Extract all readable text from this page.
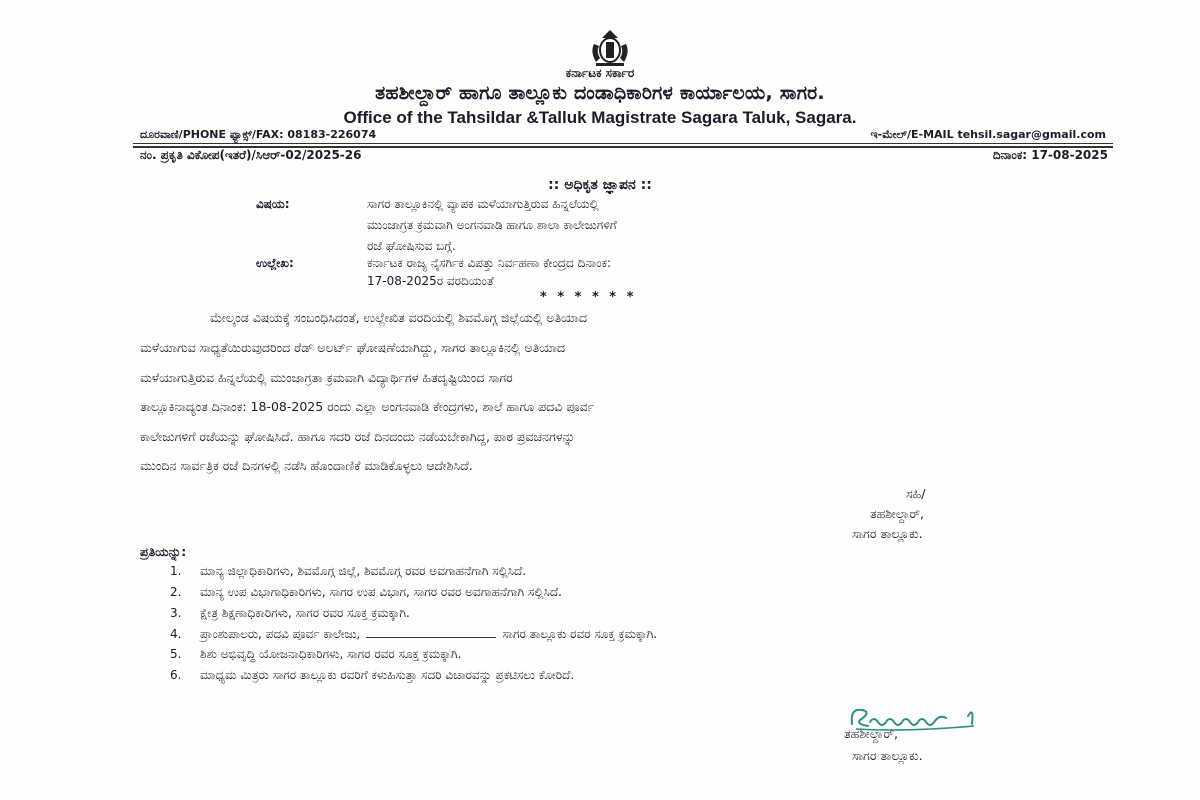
ಕರ್ನಾಟಕ ಸರ್ಕಾರ
ತಹಶೀಲ್ದಾರ್ ಹಾಗೂ ತಾಲ್ಲೂಕು ದಂಡಾಧಿಕಾರಿಗಳ ಕಾರ್ಯಾಲಯ, ಸಾಗರ.
Office of the Tahsildar &Talluk Magistrate Sagara Taluk, Sagara.
ದೂರವಾಣಿ/PHONE ಫ್ಯಾಕ್ಸ್/FAX: 08183-226074	ಇ-ಮೇಲ್/E-MAIL tehsil.sagar@gmail.com
ನಂ. ಪ್ರಕೃತಿ ವಿಕೋಪ(ಇತರೆ)/ಸಿಆರ್-02/2025-26	ದಿನಾಂಕ: 17-08-2025
:: ಅಧಿಕೃತ ಜ್ಞಾಪನ ::
ವಿಷಯ:	ಸಾಗರ ತಾಲ್ಲೂಕಿನಲ್ಲಿ ವ್ಯಾಪಕ ಮಳೆಯಾಗುತ್ತಿರುವ ಹಿನ್ನಲೆಯಲ್ಲಿ
ಮುಂಜಾಗ್ರತ ಕ್ರಮವಾಗಿ ಅಂಗನವಾಡಿ ಹಾಗೂ ಶಾಲಾ ಕಾಲೇಜುಗಳಿಗೆ
ರಜೆ ಘೋಷಿಸುವ ಬಗ್ಗೆ.
ಉಲ್ಲೇಖ:	ಕರ್ನಾಟಕ ರಾಜ್ಯ ನೈಸರ್ಗಿಕ ವಿಪತ್ತು ನಿರ್ವಹಣಾ ಕೇಂದ್ರದ ದಿನಾಂಕ:
17-08-2025ರ ವರದಿಯಂತೆ
* * * * * *
ಮೇಲ್ಕಂಡ ವಿಷಯಕ್ಕೆ ಸಂಬಂಧಿಸಿದಂತೆ, ಉಲ್ಲೇಖಿತ ವರದಿಯಲ್ಲಿ ಶಿವಮೊಗ್ಗ ಜಿಲ್ಲೆಯಲ್ಲಿ ಅತಿಯಾದ
ಮಳೆಯಾಗುವ ಸಾಧ್ಯತೆಯಿರುವುದರಿಂದ ರೆಡ್ ಅಲರ್ಟ್ ಘೋಷಣೆಯಾಗಿದ್ದು, ಸಾಗರ ತಾಲ್ಲೂಕಿನಲ್ಲಿ ಅತಿಯಾದ
ಮಳೆಯಾಗುತ್ತಿರುವ ಹಿನ್ನಲೆಯಲ್ಲಿ ಮುಂಜಾಗ್ರತಾ ಕ್ರಮವಾಗಿ ವಿದ್ಯಾರ್ಥಿಗಳ ಹಿತದೃಷ್ಟಿಯಿಂದ ಸಾಗರ
ತಾಲ್ಲೂಕಿನಾದ್ಯಂತ ದಿನಾಂಕ: 18-08-2025 ರಂದು ಎಲ್ಲಾ ಅಂಗನವಾಡಿ ಕೇಂದ್ರಗಳು, ಶಾಲೆ ಹಾಗೂ ಪದವಿ ಪೂರ್ವ
ಕಾಲೇಜುಗಳಿಗೆ ರಜೆಯನ್ನು ಘೋಷಿಸಿದೆ. ಹಾಗೂ ಸದರಿ ರಜೆ ದಿನದಂದು ನಡೆಯಬೇಕಾಗಿದ್ದ, ಪಾಠ ಪ್ರವಚನಗಳನ್ನು
ಮುಂದಿನ ಸಾರ್ವತ್ರಿಕ ರಜೆ ದಿನಗಳಲ್ಲಿ ನಡೆಸಿ ಹೊಂದಾಣಿಕೆ ಮಾಡಿಕೊಳ್ಳಲು ಆದೇಶಿಸಿದೆ.
ಸಹಿ/
ತಹಶೀಲ್ದಾರ್,
ಸಾಗರ ತಾಲ್ಲೂಕು.
ಪ್ರತಿಯನ್ನು:
1. ಮಾನ್ಯ ಜಿಲ್ಲಾಧಿಕಾರಿಗಳು, ಶಿವಮೊಗ್ಗ ಜಿಲ್ಲೆ, ಶಿವಮೊಗ್ಗ ರವರ ಅವಗಾಹನೆಗಾಗಿ ಸಲ್ಲಿಸಿದೆ.
2. ಮಾನ್ಯ ಉಪ ವಿಭಾಗಾಧಿಕಾರಿಗಳು, ಸಾಗರ ಉಪ ವಿಭಾಗ, ಸಾಗರ ರವರ ಅವಗಾಹನೆಗಾಗಿ ಸಲ್ಲಿಸಿದೆ.
3. ಕ್ಷೇತ್ರ ಶಿಕ್ಷಣಾಧಿಕಾರಿಗಳು, ಸಾಗರ ರವರ ಸೂಕ್ತ ಕ್ರಮಕ್ಕಾಗಿ.
4. ಪ್ರಾಂಶುಪಾಲರು, ಪದವಿ ಪೂರ್ವ ಕಾಲೇಜು,	ಸಾಗರ ತಾಲ್ಲೂಕು ರವರ ಸೂಕ್ತ ಕ್ರಮಕ್ಕಾಗಿ.
5. ಶಿಶು ಅಭಿವೃದ್ಧಿ ಯೋಜನಾಧಿಕಾರಿಗಳು, ಸಾಗರ ರವರ ಸೂಕ್ತ ಕ್ರಮಕ್ಕಾಗಿ.
6. ಮಾಧ್ಯಮ ಮಿತ್ರರು ಸಾಗರ ತಾಲ್ಲೂಕು ರವರಿಗೆ ಕಳುಹಿಸುತ್ತಾ ಸದರಿ ವಿಚಾರವನ್ನು ಪ್ರಕಟಿಸಲು ಕೋರಿದೆ.
ತಹಶೀಲ್ದಾರ್,
ಸಾಗರ ತಾಲ್ಲೂಕು.
